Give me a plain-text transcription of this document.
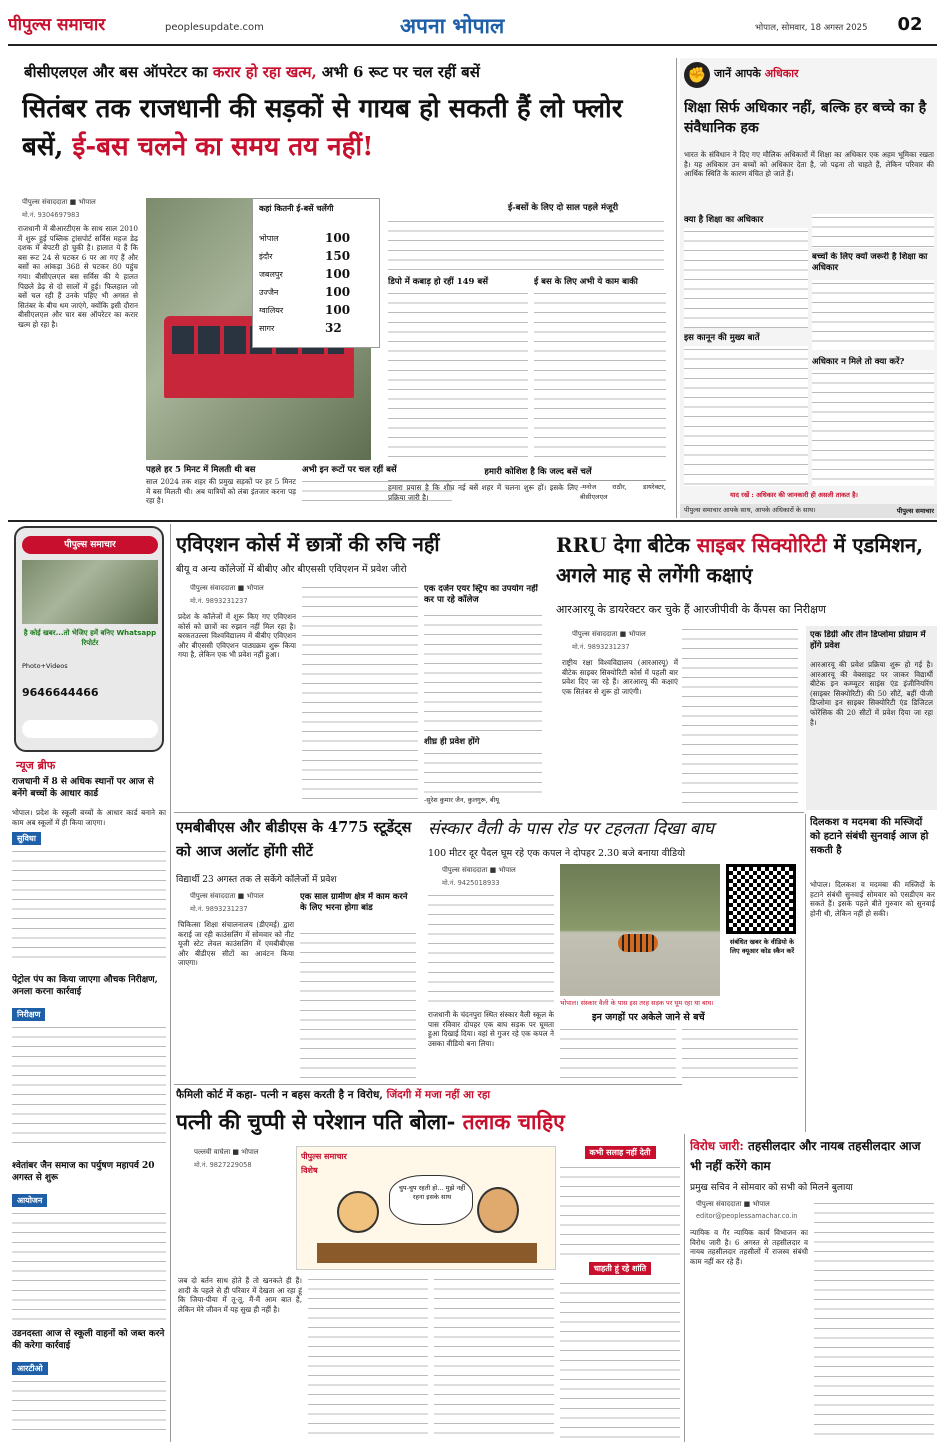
पीपुल्स समाचार	peoplesupdate.com	अपना भोपाल	भोपाल, सोमवार, 18 अगस्त 2025	02
बीसीएलएल और बस ऑपरेटर का करार हो रहा खत्म, अभी 6 रूट पर चल रहीं बसें
सितंबर तक राजधानी की सड़कों से गायब हो सकती हैं लो फ्लोर बसें, ई-बस चलने का समय तय नहीं!
पीपुल्स संवाददाता ■ भोपाल
मो.नं. 9304697983
राजधानी में बीआरटीएस के साथ साल 2010 में शुरू हुई पब्लिक ट्रांसपोर्ट सर्विस महज डेढ़ दशक में बेपटरी हो चुकी है। हालात ये हैं कि बस रूट 24 से घटकर 6 पर आ गए हैं और बसों का आंकड़ा 368 से घटकर 80 पहुंच गया। बीसीएलएल बस सर्विस की ये हालत पिछले डेढ़ से दो सालों में हुई। फिलहाल जो बसें चल रही हैं उनके पहिए भी अगस्त से सितंबर के बीच थम जाएंगे, क्योंकि इसी दौरान बीसीएलएल और चार बस ऑपरेटर का करार खत्म हो रहा है।
कहां कितनी ई-बसें चलेंगी
भोपाल	100
इंदौर	150
जबलपुर	100
उज्जैन	100
ग्वालियर	100
सागर	32
पहले हर 5 मिनट में मिलती थी बस
साल 2024 तक शहर की प्रमुख सड़कों पर हर 5 मिनट में बस मिलती थी। अब यात्रियों को लंबा इंतजार करना पड़ रहा है।
अभी इन रूटों पर चल रहीं बसें
ई-बसों के लिए दो साल पहले मंजूरी
डिपो में कबाड़ हो रहीं 149 बसें	ई बस के लिए अभी ये काम बाकी
हमारी कोशिश है कि जल्द बसें चलें
हमारा प्रयास है कि शीघ्र नई बसें शहर में चलना शुरू हों। इसके लिए प्रक्रिया जारी है।
-मनोज राठौर, डायरेक्टर, बीसीएलएल
✊ जानें आपके अधिकार
शिक्षा सिर्फ अधिकार नहीं, बल्कि हर बच्चे का है संवैधानिक हक
भारत के संविधान ने दिए गए मौलिक अधिकारों में शिक्षा का अधिकार एक अहम भूमिका रखता है। यह अधिकार उन बच्चों को अधिकार देता है, जो पढ़ना तो चाहते हैं, लेकिन परिवार की आर्थिक स्थिति के कारण वंचित हो जाते हैं।
क्या है शिक्षा का अधिकार
इस कानून की मुख्य बातें
बच्चों के लिए क्यों जरूरी है शिक्षा का अधिकार
अधिकार न मिले तो क्या करें?
याद रखें : अधिकार की जानकारी ही असली ताकत है।
पीपुल्स समाचार आपके साथ, आपके अधिकारों के साथ।	पीपुल्स समाचार
पीपुल्स समाचार
है कोई खबर...तो भेजिए हमें बनिए Whatsapp रिपोर्टर
Photo+Videos
9646644466
न्यूज ब्रीफ
राजधानी में 8 से अधिक स्थानों पर आज से बनेंगे बच्चों के आधार कार्ड
भोपाल। प्रदेश के स्कूली बच्चों के आधार कार्ड बनाने का काम अब स्कूलों में ही किया जाएगा।
सुविधा
पेट्रोल पंप का किया जाएगा औचक निरीक्षण, अनला करना कार्रवाई
निरीक्षण
श्वेतांबर जैन समाज का पर्युषण महापर्व 20 अगस्त से शुरू
आयोजन
उडनदस्ता आज से स्कूली वाहनों को जब्त करने की करेगा कार्रवाई
आरटीओ
एविएशन कोर्स में छात्रों की रुचि नहीं
बीयू व अन्य कॉलेजों में बीबीए और बीएससी एविएशन में प्रवेश जीरो
पीपुल्स संवाददाता ■ भोपाल
मो.नं. 9893231237
प्रदेश के कॉलेजों में शुरू किए गए एविएशन कोर्स को छात्रों का रुझान नहीं मिल रहा है। बरकतउल्ला विश्वविद्यालय में बीबीए एविएशन और बीएससी एविएशन पाठ्यक्रम शुरू किया गया है, लेकिन एक भी प्रवेश नहीं हुआ।
एक दर्जन एयर स्ट्रिप का उपयोग नहीं कर पा रहे कॉलेज
शीघ्र ही प्रवेश होंगे
-सुरेश कुमार जैन, कुलगुरू, बीयू
RRU देगा बीटेक साइबर सिक्योरिटी में एडमिशन, अगले माह से लगेंगी कक्षाएं
आरआरयू के डायरेक्टर कर चुके हैं आरजीपीवी के कैंपस का निरीक्षण
पीपुल्स संवाददाता ■ भोपाल
मो.नं. 9893231237
राष्ट्रीय रक्षा विश्वविद्यालय (आरआरयू) में बीटेक साइबर सिक्योरिटी कोर्स में पहली बार प्रवेश दिए जा रहे हैं। आरआरयू की कक्षाएं एक सितंबर से शुरू हो जाएंगी।
एक डिग्री और तीन डिप्लोमा प्रोग्राम में होंगे प्रवेश
आरआरयू की प्रवेश प्रक्रिया शुरू हो गई है। आरआरयू की वेबसाइट पर जाकर विद्यार्थी बीटेक इन कम्प्यूटर साइंस एंड इंजीनियरिंग (साइबर सिक्योरिटी) की 50 सीटें, बहीं पीजी डिप्लोमा इन साइबर सिक्योरिटी एंड डिजिटल फोरेंसिक की 20 सीटों में प्रवेश दिया जा रहा है।
एमबीबीएस और बीडीएस के 4775 स्टूडेंट्स को आज अलॉट होंगी सीटें
विद्यार्थी 23 अगस्त तक ले सकेंगे कॉलेजों में प्रवेश
पीपुल्स संवाददाता ■ भोपाल
मो.नं. 9893231237
चिकित्सा शिक्षा संचालनालय (डीएमई) द्वारा कराई जा रही काउंसलिंग में सोमवार को नीट यूजी स्टेट लेवल काउंसलिंग में एमबीबीएस और बीडीएस सीटों का आवंटन किया जाएगा।
एक साल ग्रामीण क्षेत्र में काम करने के लिए भरना होगा बांड
संस्कार वैली के पास रोड पर टहलता दिखा बाघ
100 मीटर दूर पैदल घूम रहे एक कपल ने दोपहर 2.30 बजे बनाया वीडियो
पीपुल्स संवाददाता ■ भोपाल
मो.नं. 9425018933
संबंधित खबर के वीडियो के लिए क्यूआर कोड स्कैन करें
भोपाल। संस्कार वैली के पास इस तरह सड़क पर घूम रहा था बाघ।
राजधानी के चंदनपुरा स्थित संस्कार वैली स्कूल के पास रविवार दोपहर एक बाघ सड़क पर घूमता हुआ दिखाई दिया। वहां से गुजर रहे एक कपल ने उसका वीडियो बना लिया।
इन जगहों पर अकेले जाने से बचें
दिलकश व मदमबा की मस्जिदों को हटाने संबंधी सुनवाई आज हो सकती है
भोपाल। दिलकश व मदमबा की मस्जिदों के हटाने संबंधी सुनवाई सोमवार को एसडीएम कर सकते हैं। इसके पहले बीते गुरुवार को सुनवाई होनी थी, लेकिन नहीं हो सकी।
फैमिली कोर्ट में कहा- पत्नी न बहस करती है न विरोध, जिंदगी में मजा नहीं आ रहा
पत्नी की चुप्पी से परेशान पति बोला- तलाक चाहिए
पल्लवी वाघेला ■ भोपाल
मो.नं. 9827229058
पीपुल्स समाचार
विशेष
चुप-चुप रहती हो... मुझे नहीं रहना इसके साथ
जब दो बर्तन साथ होते हैं तो खनकते ही हैं। शादी के पहले से ही परिवार में देखता आ रहा हूं कि जिया-पीया में तू-तू, मैं-मैं आम बात है, लेकिन मेरे जीवन में यह सुख ही नहीं है।
कभी सलाह नहीं देती
चाहती हूं रहे शांति
विरोध जारी: तहसीलदार और नायब तहसीलदार आज भी नहीं करेंगे काम
प्रमुख सचिव ने सोमवार को सभी को मिलने बुलाया
पीपुल्स संवाददाता ■ भोपाल
editor@peoplessamachar.co.in
न्यायिक व गैर न्यायिक कार्य विभाजन का विरोध जारी है। 6 अगस्त से तहसीलदार व नायब तहसीलदार तहसीलों में राजस्व संबंधी काम नहीं कर रहे हैं।
